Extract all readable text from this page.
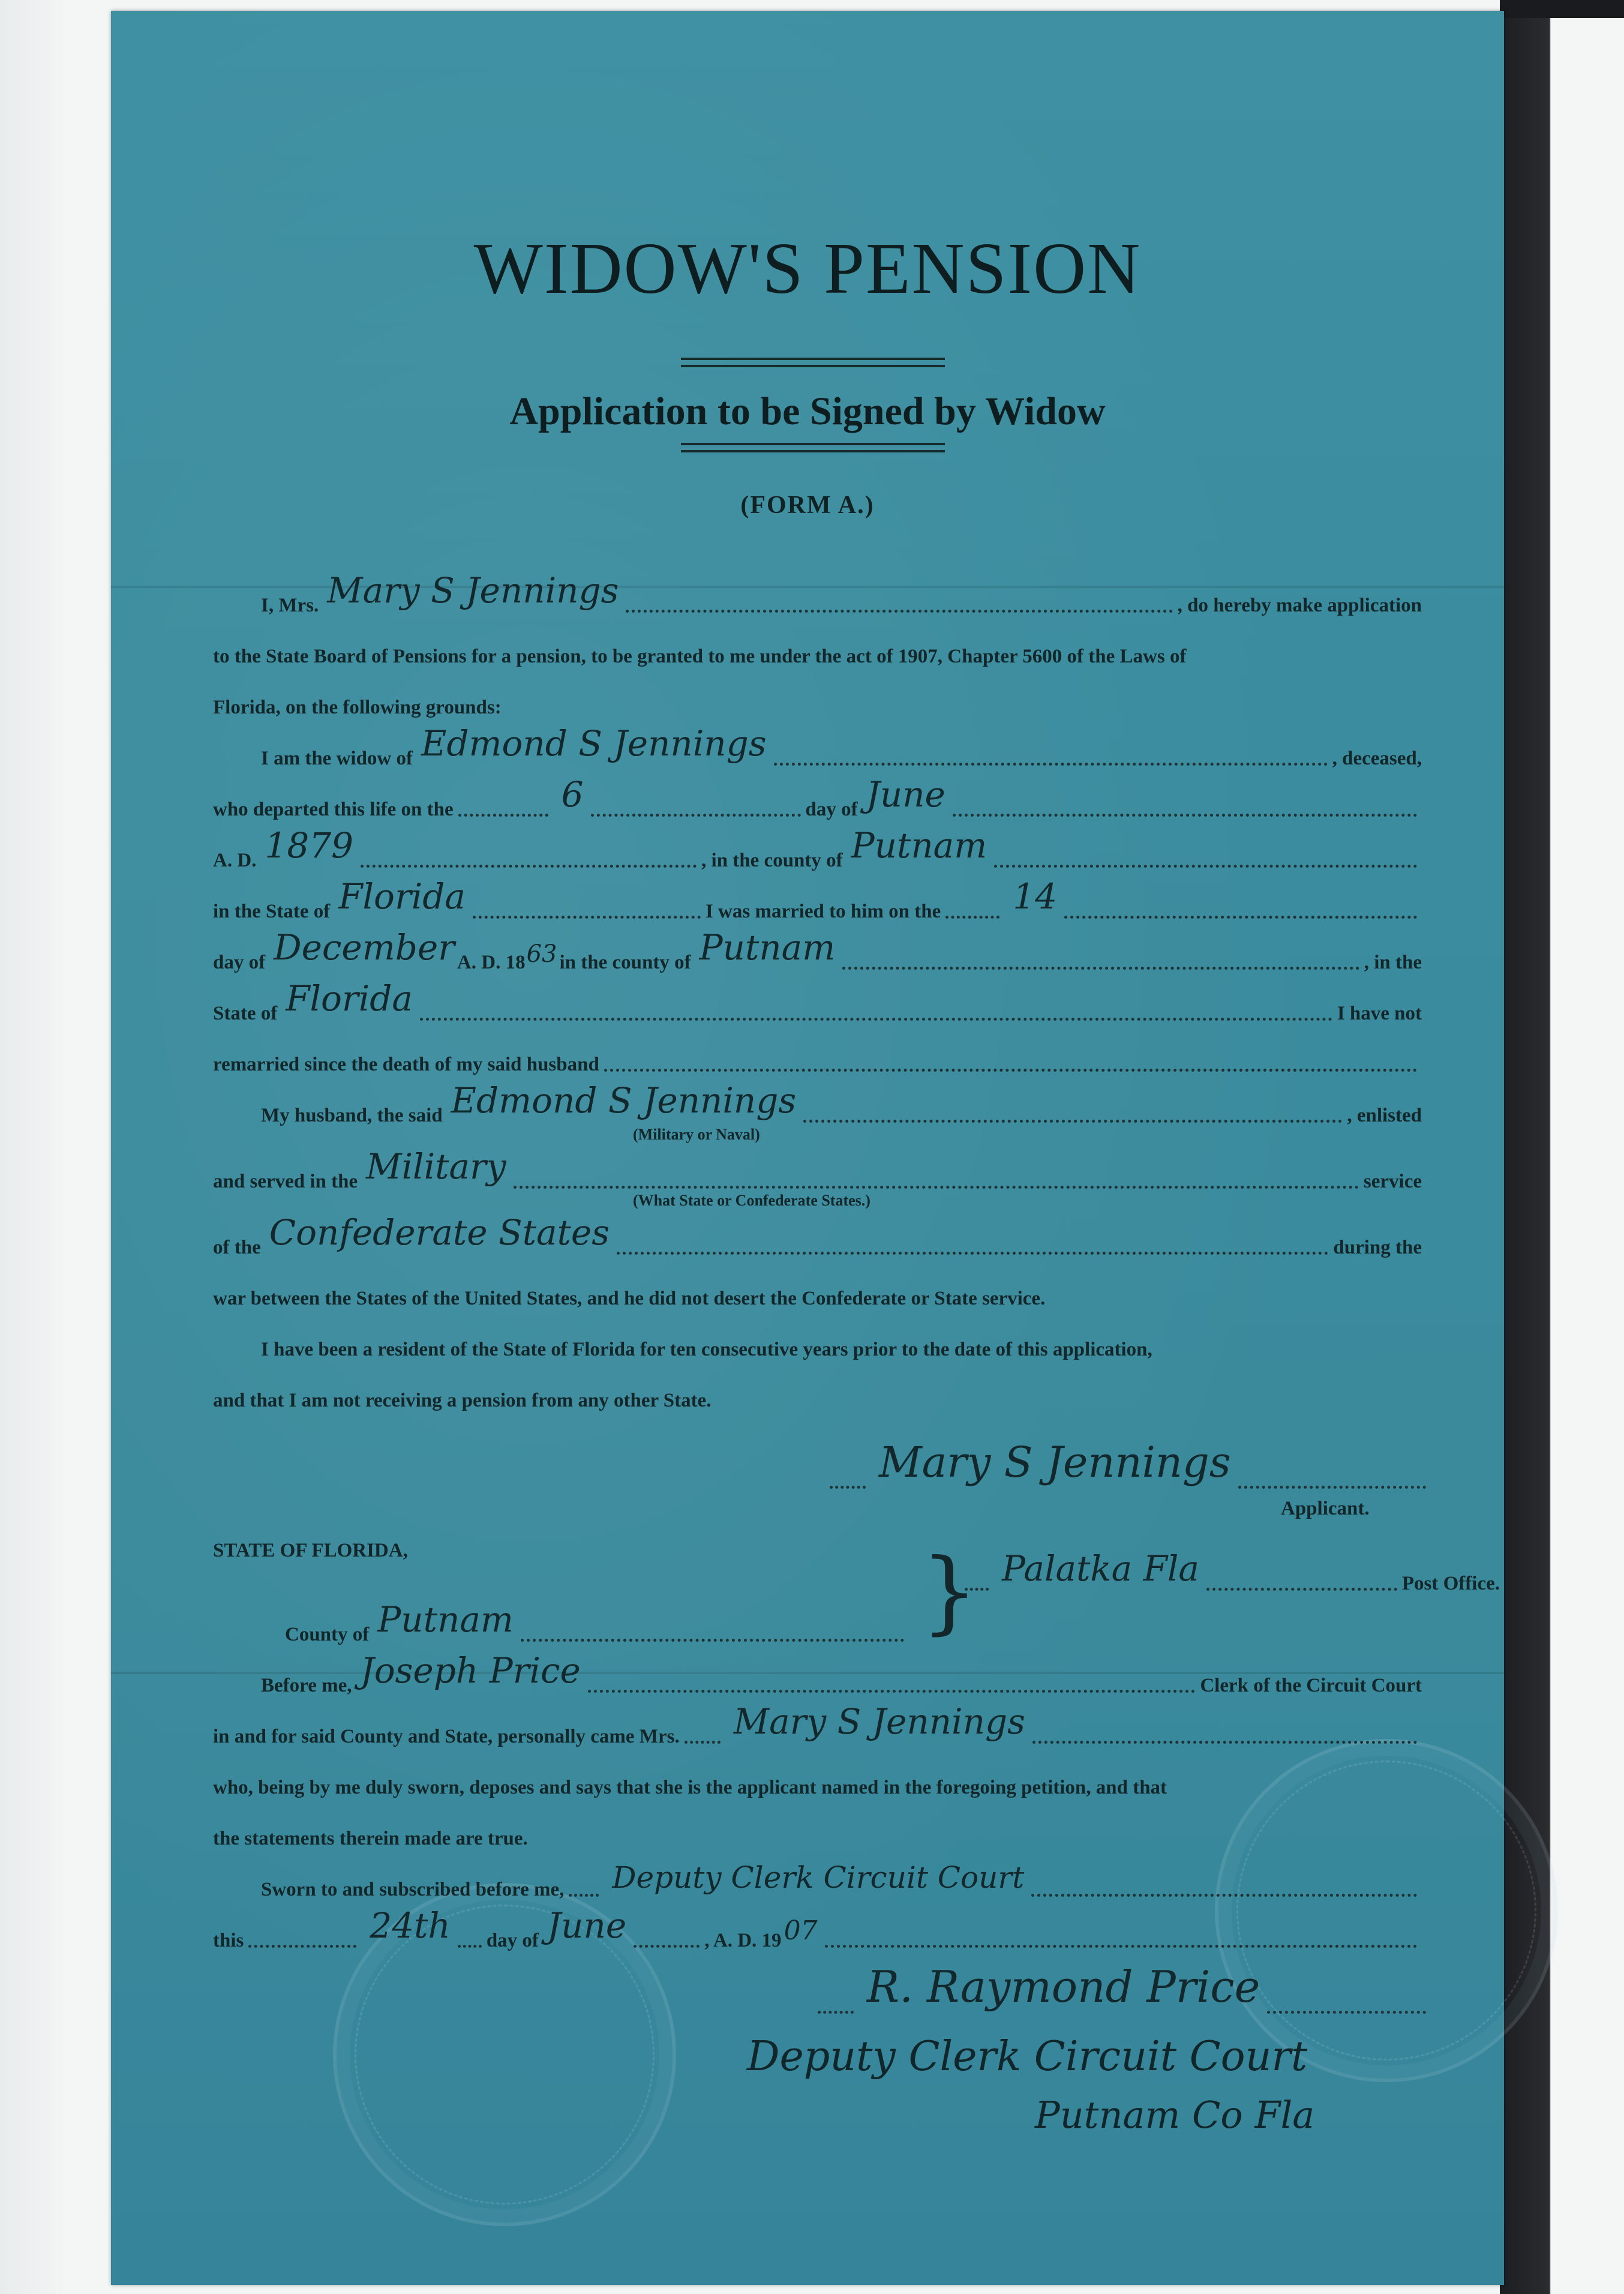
WIDOW'S PENSION
Application to be Signed by Widow
(FORM A.)
I, Mrs. Mary S Jennings	, do hereby make application
to the State Board of Pensions for a pension, to be granted to me under the act of 1907, Chapter 5600 of the Laws of
Florida, on the following grounds:
I am the widow of Edmond S Jennings	, deceased,
who departed this life on the	6	day of June
A. D. 1879	, in the county of Putnam
in the State of Florida	I was married to him on the 14
day of December A. D. 18 63 in the county of Putnam	, in the
State of Florida	I have not
remarried since the death of my said husband
My husband, the said Edmond S Jennings	, enlisted
(Military or Naval)
and served in the Military	service
(What State or Confederate States.)
of the Confederate States	during the
war between the States of the United States, and he did not desert the Confederate or State service.
I have been a resident of the State of Florida for ten consecutive years prior to the date of this application,
and that I am not receiving a pension from any other State.
Mary S Jennings
Applicant.
STATE OF FLORIDA,	} Palatka Fla	Post Office.
County of Putnam
Before me, Joseph Price	Clerk of the Circuit Court
in and for said County and State, personally came Mrs. Mary S Jennings
who, being by me duly sworn, deposes and says that she is the applicant named in the foregoing petition, and that
the statements therein made are true.
Sworn to and subscribed before me, Deputy Clerk Circuit Court
this	24th day of June	, A. D. 19 07
R. Raymond Price
Deputy Clerk Circuit Court
Putnam Co Fla
